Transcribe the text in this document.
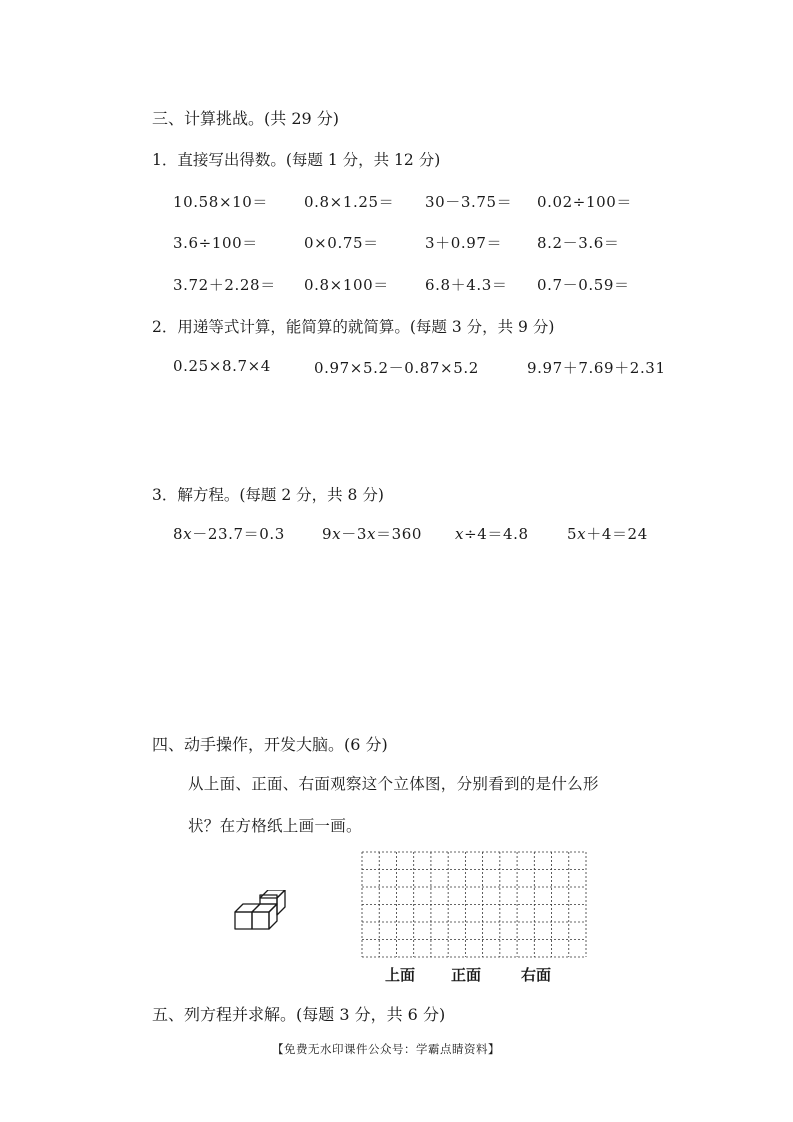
三、计算挑战。(共 29 分)
1．直接写出得数。(每题 1 分，共 12 分)
10.58×10＝ 0.8×1.25＝ 30－3.75＝ 0.02÷100＝
3.6÷100＝	0×0.75＝	3＋0.97＝ 8.2－3.6＝
3.72＋2.28＝ 0.8×100＝ 6.8＋4.3＝ 0.7－0.59＝
2．用递等式计算，能简算的就简算。(每题 3 分，共 9 分)
0.25×8.7×4	0.97×5.2－0.87×5.2	9.97＋7.69＋2.31
3．解方程。(每题 2 分，共 8 分)
8x－23.7＝0.3 9x－3x＝360 x÷4＝4.8	5x＋4＝24
四、动手操作，开发大脑。(6 分)
从上面、正面、右面观察这个立体图，分别看到的是什么形
状？在方格纸上画一画。
上面 正面	右面
五、列方程并求解。(每题 3 分，共 6 分)
【免费无水印课件公众号：学霸点睛资料】
